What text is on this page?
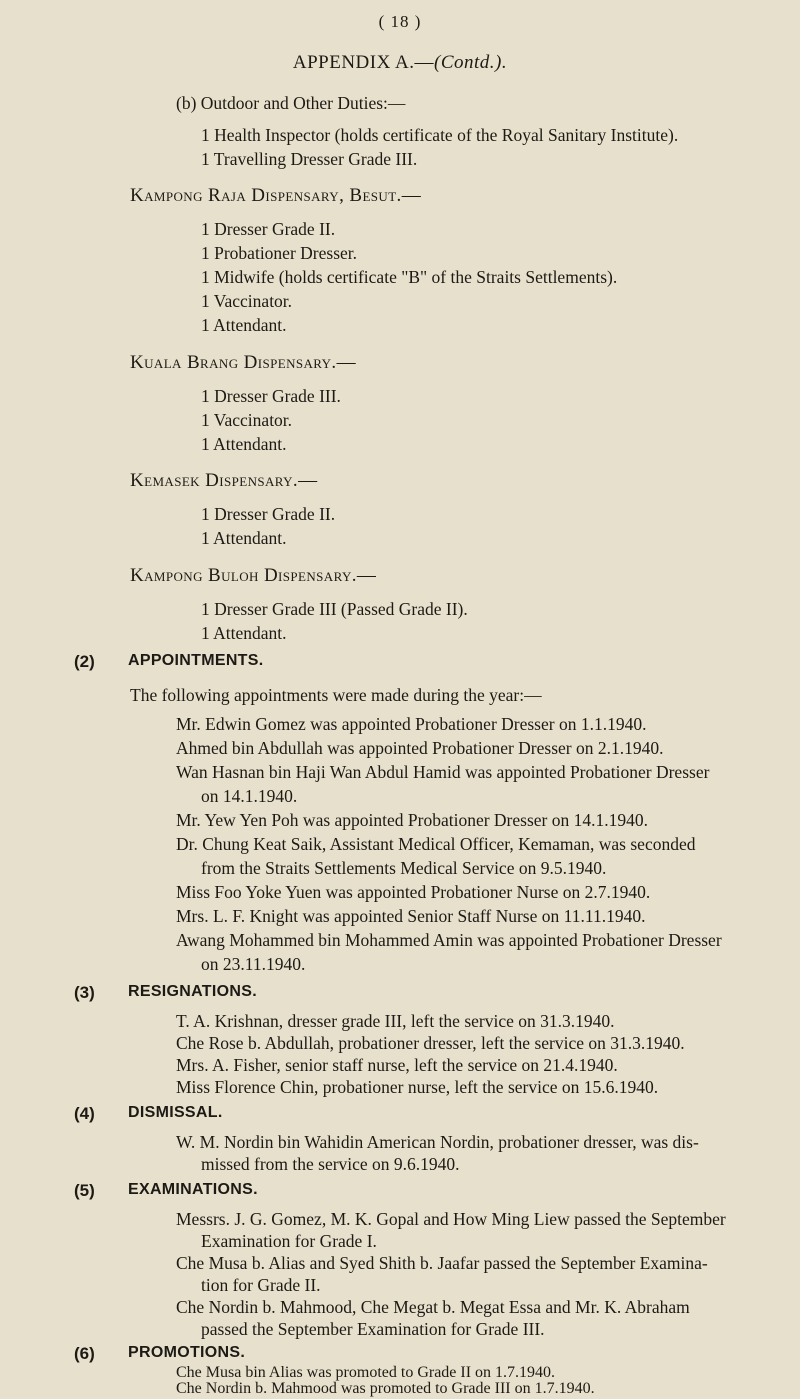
( 18 )
APPENDIX A.—(Contd.).
(b) Outdoor and Other Duties:—
1 Health Inspector (holds certificate of the Royal Sanitary Institute).
1 Travelling Dresser Grade III.
Kampong Raja Dispensary, Besut.—
1 Dresser Grade II.
1 Probationer Dresser.
1 Midwife (holds certificate "B" of the Straits Settlements).
1 Vaccinator.
1 Attendant.
Kuala Brang Dispensary.—
1 Dresser Grade III.
1 Vaccinator.
1 Attendant.
Kemasek Dispensary.—
1 Dresser Grade II.
1 Attendant.
Kampong Buloh Dispensary.—
1 Dresser Grade III (Passed Grade II).
1 Attendant.
(2) APPOINTMENTS.
The following appointments were made during the year:—
Mr. Edwin Gomez was appointed Probationer Dresser on 1.1.1940.
Ahmed bin Abdullah was appointed Probationer Dresser on 2.1.1940.
Wan Hasnan bin Haji Wan Abdul Hamid was appointed Probationer Dresser
on 14.1.1940.
Mr. Yew Yen Poh was appointed Probationer Dresser on 14.1.1940.
Dr. Chung Keat Saik, Assistant Medical Officer, Kemaman, was seconded
from the Straits Settlements Medical Service on 9.5.1940.
Miss Foo Yoke Yuen was appointed Probationer Nurse on 2.7.1940.
Mrs. L. F. Knight was appointed Senior Staff Nurse on 11.11.1940.
Awang Mohammed bin Mohammed Amin was appointed Probationer Dresser
on 23.11.1940.
(3) RESIGNATIONS.
T. A. Krishnan, dresser grade III, left the service on 31.3.1940.
Che Rose b. Abdullah, probationer dresser, left the service on 31.3.1940.
Mrs. A. Fisher, senior staff nurse, left the service on 21.4.1940.
Miss Florence Chin, probationer nurse, left the service on 15.6.1940.
(4) DISMISSAL.
W. M. Nordin bin Wahidin American Nordin, probationer dresser, was dis-
missed from the service on 9.6.1940.
(5) EXAMINATIONS.
Messrs. J. G. Gomez, M. K. Gopal and How Ming Liew passed the September
Examination for Grade I.
Che Musa b. Alias and Syed Shith b. Jaafar passed the September Examina-
tion for Grade II.
Che Nordin b. Mahmood, Che Megat b. Megat Essa and Mr. K. Abraham
passed the September Examination for Grade III.
(6) PROMOTIONS.
Che Musa bin Alias was promoted to Grade II on 1.7.1940.
Che Nordin b. Mahmood was promoted to Grade III on 1.7.1940.
